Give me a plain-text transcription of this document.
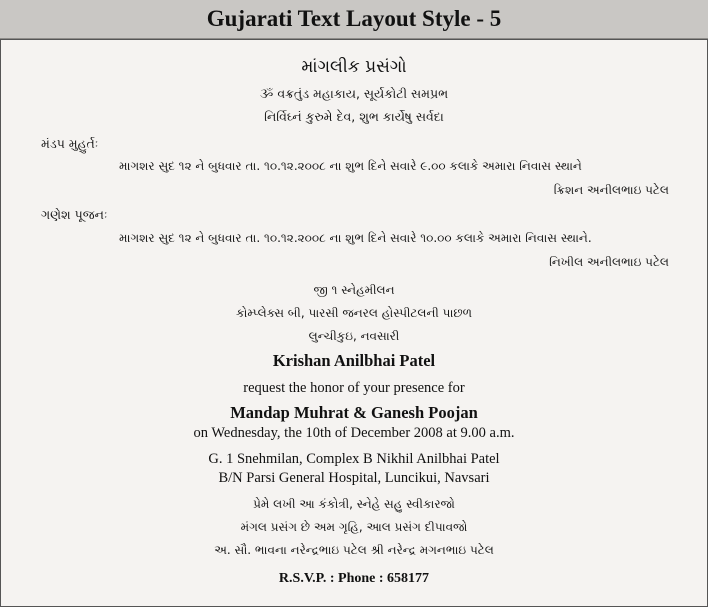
Gujarati Text Layout Style - 5
માંગલીક પ્રસંગો
ૐ વક્રતુંડ મહાકાય, સૂર્યકોટી સમપ્રભ
નિર્વિઘ્નં કુરુમે દેવ, શુભ કાર્યેષુ સર્વદા
મંડપ મુહુર્તઃ
માગશર સુદ ૧૨ ને બુધવાર તા. ૧૦.૧૨.૨૦૦૮ ના શુભ દિને સવારે ૯.૦૦ કલાકે અમારા નિવાસ સ્થાને
ક્રિશન અનીલભાઇ પટેલ
ગણેશ પૂજનઃ
માગશર સુદ ૧૨ ને બુધવાર તા. ૧૦.૧૨.૨૦૦૮ ના શુભ દિને સવારે ૧૦.૦૦ કલાકે અમારા નિવાસ સ્થાને.
નિખીલ અનીલભાઇ પટેલ
જી ૧ સ્નેહમીલન
કોમ્પ્લેક્સ બી, પારસી જનરલ હોસ્પીટલની પાછળ
લુન્ચીકુઇ, નવસારી
Krishan Anilbhai Patel
request the honor of your presence for
Mandap Muhrat & Ganesh Poojan
on Wednesday, the 10th of December 2008 at 9.00 a.m.
G. 1 Snehmilan, Complex B Nikhil Anilbhai Patel
B/N Parsi General Hospital, Luncikui, Navsari
પ્રેમે લખી આ કંકોત્રી, સ્નેહે સહુ સ્વીકારજો
મંગલ પ્રસંગ છે અમ ગૃહિ, આલ પ્રસંગ દીપાવજો
અ. સૌ. ભાવના નરેન્દ્રભાઇ પટેલ શ્રી નરેન્દ્ર મગનભાઇ પટેલ
R.S.V.P. : Phone : 658177
